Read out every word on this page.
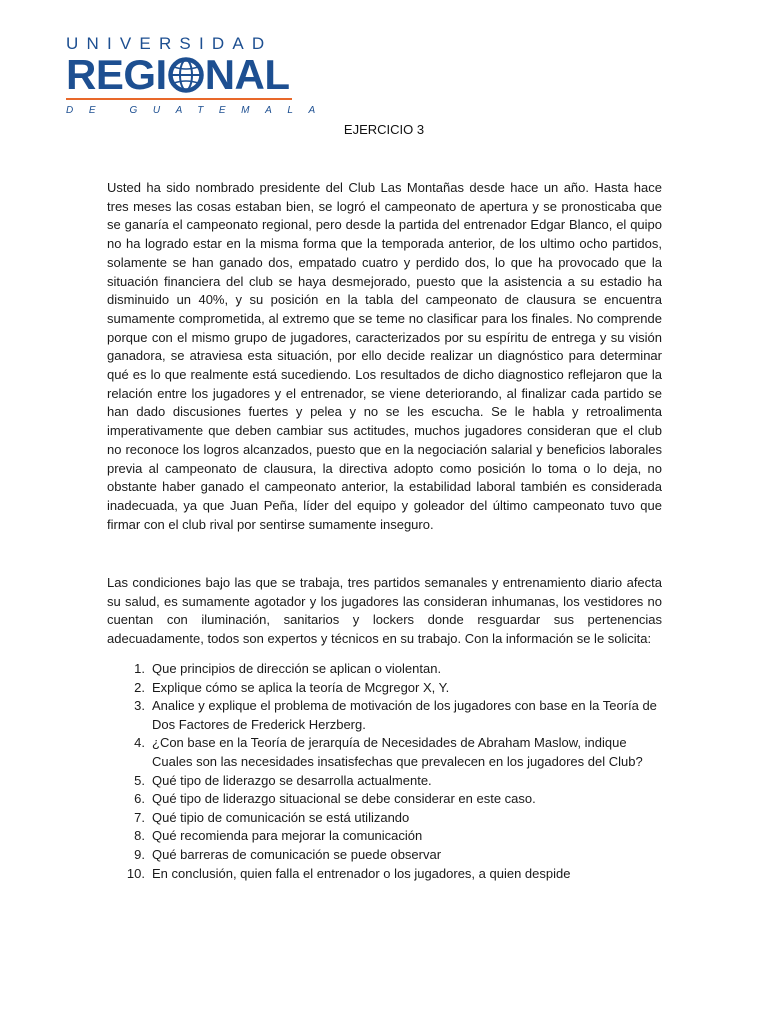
UNIVERSIDAD
REGI NAL
DE GUATEMALA
EJERCICIO 3

Usted ha sido nombrado presidente del Club Las Montañas desde hace un año. Hasta hace tres meses las cosas estaban bien, se logró el campeonato de apertura y se pronosticaba que se ganaría el campeonato regional, pero desde la partida del entrenador Edgar Blanco, el quipo no ha logrado estar en la misma forma que la temporada anterior, de los ultimo ocho partidos, solamente se han ganado dos, empatado cuatro y perdido dos, lo que ha provocado que la situación financiera del club se haya desmejorado, puesto que la asistencia a su estadio ha disminuido un 40%, y su posición en la tabla del campeonato de clausura se encuentra sumamente comprometida, al extremo que se teme no clasificar para los finales. No comprende porque con el mismo grupo de jugadores, caracterizados por su espíritu de entrega y su visión ganadora, se atraviesa esta situación, por ello decide realizar un diagnóstico para determinar qué es lo que realmente está sucediendo. Los resultados de dicho diagnostico reflejaron que la relación entre los jugadores y el entrenador, se viene deteriorando, al finalizar cada partido se han dado discusiones fuertes y pelea y no se les escucha. Se le habla y retroalimenta imperativamente que deben cambiar sus actitudes, muchos jugadores consideran que el club no reconoce los logros alcanzados, puesto que en la negociación salarial y beneficios laborales previa al campeonato de clausura, la directiva adopto como posición lo toma o lo deja, no obstante haber ganado el campeonato anterior, la estabilidad laboral también es considerada inadecuada, ya que Juan Peña, líder del equipo y goleador del último campeonato tuvo que firmar con el club rival por sentirse sumamente inseguro.

Las condiciones bajo las que se trabaja, tres partidos semanales y entrenamiento diario afecta su salud, es sumamente agotador y los jugadores las consideran inhumanas, los vestidores no cuentan con iluminación, sanitarios y lockers donde resguardar sus pertenencias adecuadamente, todos son expertos y técnicos en su trabajo. Con la información se le solicita:

1. Que principios de dirección se aplican o violentan.
2. Explique cómo se aplica la teoría de Mcgregor X, Y.
3. Analice y explique el problema de motivación de los jugadores con base en la Teoría de Dos Factores de Frederick Herzberg.
4. ¿Con base en la Teoría de jerarquía de Necesidades de Abraham Maslow, indique Cuales son las necesidades insatisfechas que prevalecen en los jugadores del Club?
5. Qué tipo de liderazgo se desarrolla actualmente.
6. Qué tipo de liderazgo situacional se debe considerar en este caso.
7. Qué tipio de comunicación se está utilizando
8. Qué recomienda para mejorar la comunicación
9. Qué barreras de comunicación se puede observar
10. En conclusión, quien falla el entrenador o los jugadores, a quien despide
